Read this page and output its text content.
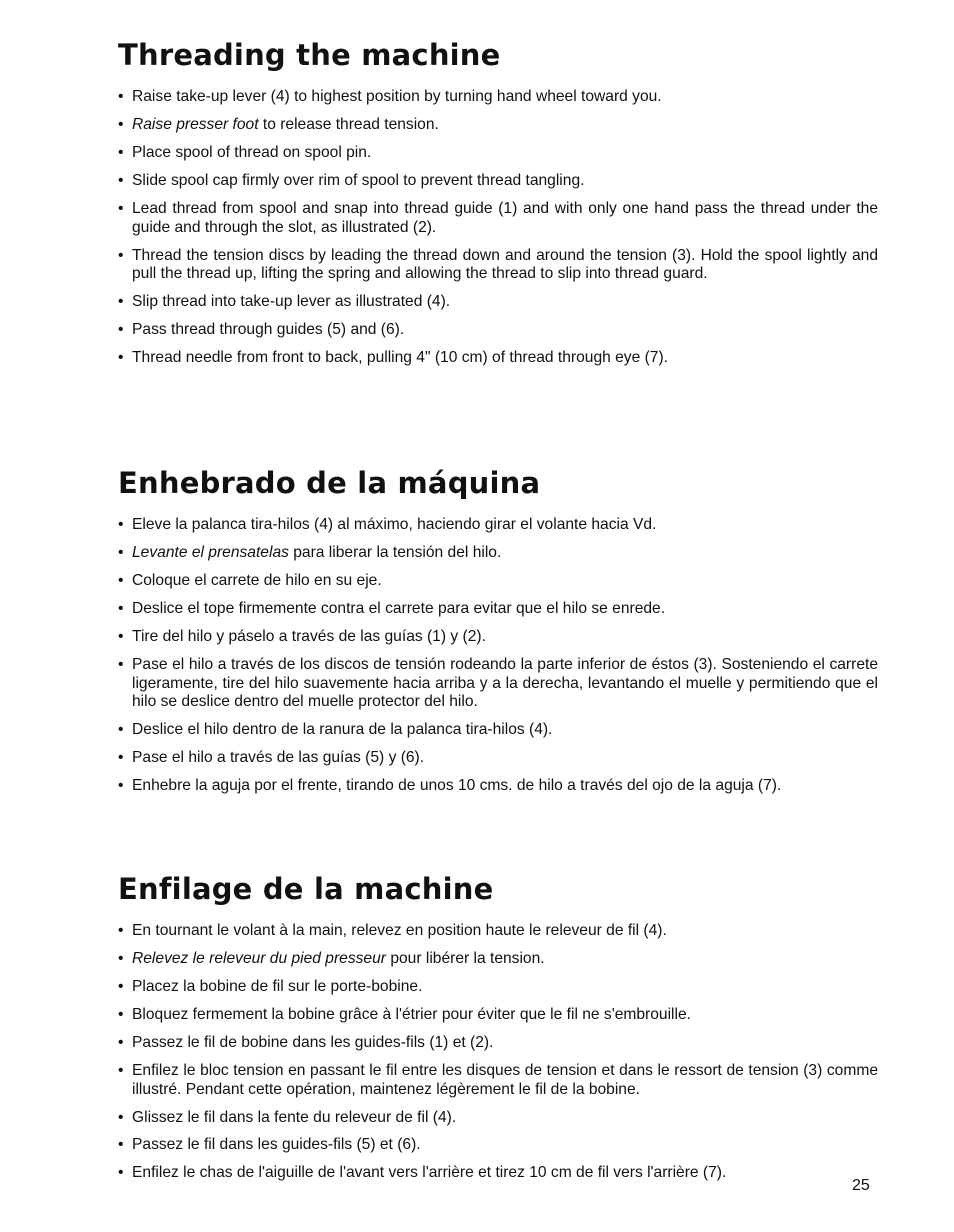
Threading the machine
• Raise take-up lever (4) to highest position by turning hand wheel toward you.
• Raise presser foot to release thread tension.
• Place spool of thread on spool pin.
• Slide spool cap firmly over rim of spool to prevent thread tangling.
• Lead thread from spool and snap into thread guide (1) and with only one hand pass the thread under the guide and through the slot, as illustrated (2).
• Thread the tension discs by leading the thread down and around the tension (3). Hold the spool lightly and pull the thread up, lifting the spring and allowing the thread to slip into thread guard.
• Slip thread into take-up lever as illustrated (4).
• Pass thread through guides (5) and (6).
• Thread needle from front to back, pulling 4" (10 cm) of thread through eye (7).
Enhebrado de la máquina
• Eleve la palanca tira-hilos (4) al máximo, haciendo girar el volante hacia Vd.
• Levante el prensatelas para liberar la tensión del hilo.
• Coloque el carrete de hilo en su eje.
• Deslice el tope firmemente contra el carrete para evitar que el hilo se enrede.
• Tire del hilo y páselo a través de las guías (1) y (2).
• Pase el hilo a través de los discos de tensión rodeando la parte inferior de éstos (3). Sosteniendo el carrete ligeramente, tire del hilo suavemente hacia arriba y a la derecha, levantando el muelle y permitiendo que el hilo se deslice dentro del muelle protector del hilo.
• Deslice el hilo dentro de la ranura de la palanca tira-hilos (4).
• Pase el hilo a través de las guías (5) y (6).
• Enhebre la aguja por el frente, tirando de unos 10 cms. de hilo a través del ojo de la aguja (7).
Enfilage de la machine
• En tournant le volant à la main, relevez en position haute le releveur de fil (4).
• Relevez le releveur du pied presseur pour libérer la tension.
• Placez la bobine de fil sur le porte-bobine.
• Bloquez fermement la bobine grâce à l'étrier pour éviter que le fil ne s'embrouille.
• Passez le fil de bobine dans les guides-fils (1) et (2).
• Enfilez le bloc tension en passant le fil entre les disques de tension et dans le ressort de tension (3) comme illustré. Pendant cette opération, maintenez légèrement le fil de la bobine.
• Glissez le fil dans la fente du releveur de fil (4).
• Passez le fil dans les guides-fils (5) et (6).
• Enfilez le chas de l'aiguille de l'avant vers l'arrière et tirez 10 cm de fil vers l'arrière (7).
25
